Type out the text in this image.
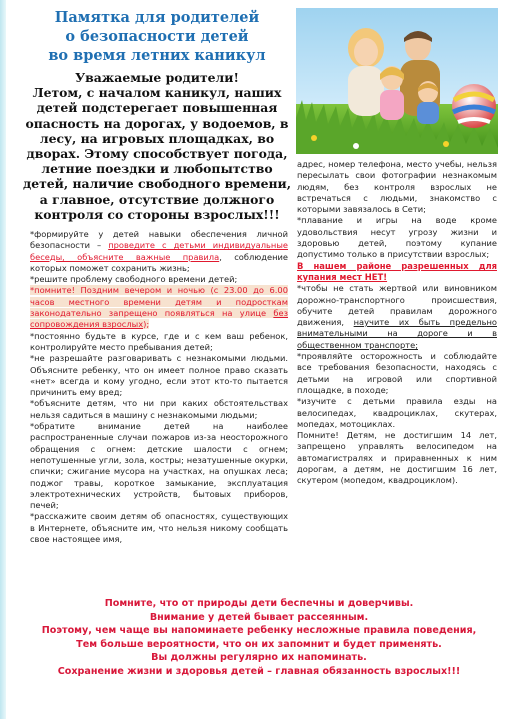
Памятка для родителей
о безопасности детей
во время летних каникул
Уважаемые родители!
Летом, с началом каникул, наших детей подстерегает повышенная опасность на дорогах, у водоемов, в лесу, на игровых площадках, во дворах. Этому способствует погода, летние поездки и любопытство детей, наличие свободного времени, а главное, отсутствие должного контроля со стороны взрослых!!!

*формируйте у детей навыки обеспечения личной безопасности – проведите с детьми индивидуальные беседы, объясните важные правила, соблюдение которых поможет сохранить жизнь;

*решите проблему свободного времени детей;

*помните! Поздним вечером и ночью (с 23.00 до 6.00 часов местного времени детям и подросткам законодательно запрещено появляться на улице без сопровождения взрослых);

*постоянно будьте в курсе, где и с кем ваш ребенок, контролируйте место пребывания детей;

*не разрешайте разговаривать с незнакомыми людьми. Объясните ребенку, что он имеет полное право сказать «нет» всегда и кому угодно, если этот кто-то пытается причинить ему вред;

*объясните детям, что ни при каких обстоятельствах нельзя садиться в машину с незнакомыми людьми;

*обратите внимание детей на наиболее распространенные случаи пожаров из-за неосторожного обращения с огнем: детские шалости с огнем; непотушенные угли, зола, костры; незатушенные окурки, спички; сжигание мусора на участках, на опушках леса; поджог травы, короткое замыкание, эксплуатация электротехнических устройств, бытовых приборов, печей;

*расскажите своим детям об опасностях, существующих в Интернете, объясните им, что нельзя никому сообщать свое настоящее имя,

адрес, номер телефона, место учебы, нельзя пересылать свои фотографии незнакомым людям, без контроля взрослых не встречаться с людьми, знакомство с которыми завязалось в Сети;

*плавание и игры на воде кроме удовольствия несут угрозу жизни и здоровью детей, поэтому купание допустимо только в присутствии взрослых;

В нашем районе разрешенных для купания мест НЕТ!

*чтобы не стать жертвой или виновником дорожно-транспортного происшествия, обучите детей правилам дорожного движения, научите их быть предельно внимательными на дороге и в общественном транспорте;

*проявляйте осторожность и соблюдайте все требования безопасности, находясь с детьми на игровой или спортивной площадке, в походе;

*изучите с детьми правила езды на велосипедах, квадроциклах, скутерах, мопедах, мотоциклах.

Помните! Детям, не достигшим 14 лет, запрещено управлять велосипедом на автомагистралях и приравненных к ним дорогам, а детям, не достигшим 16 лет, скутером (мопедом, квадроциклом).

Помните, что от природы дети беспечны и доверчивы.

Внимание у детей бывает рассеянным.

Поэтому, чем чаще вы напоминаете ребенку несложные правила поведения,

Тем больше вероятности, что он их запомнит и будет применять.

Вы должны регулярно их напоминать.

Сохранение жизни и здоровья детей – главная обязанность взрослых!!!
